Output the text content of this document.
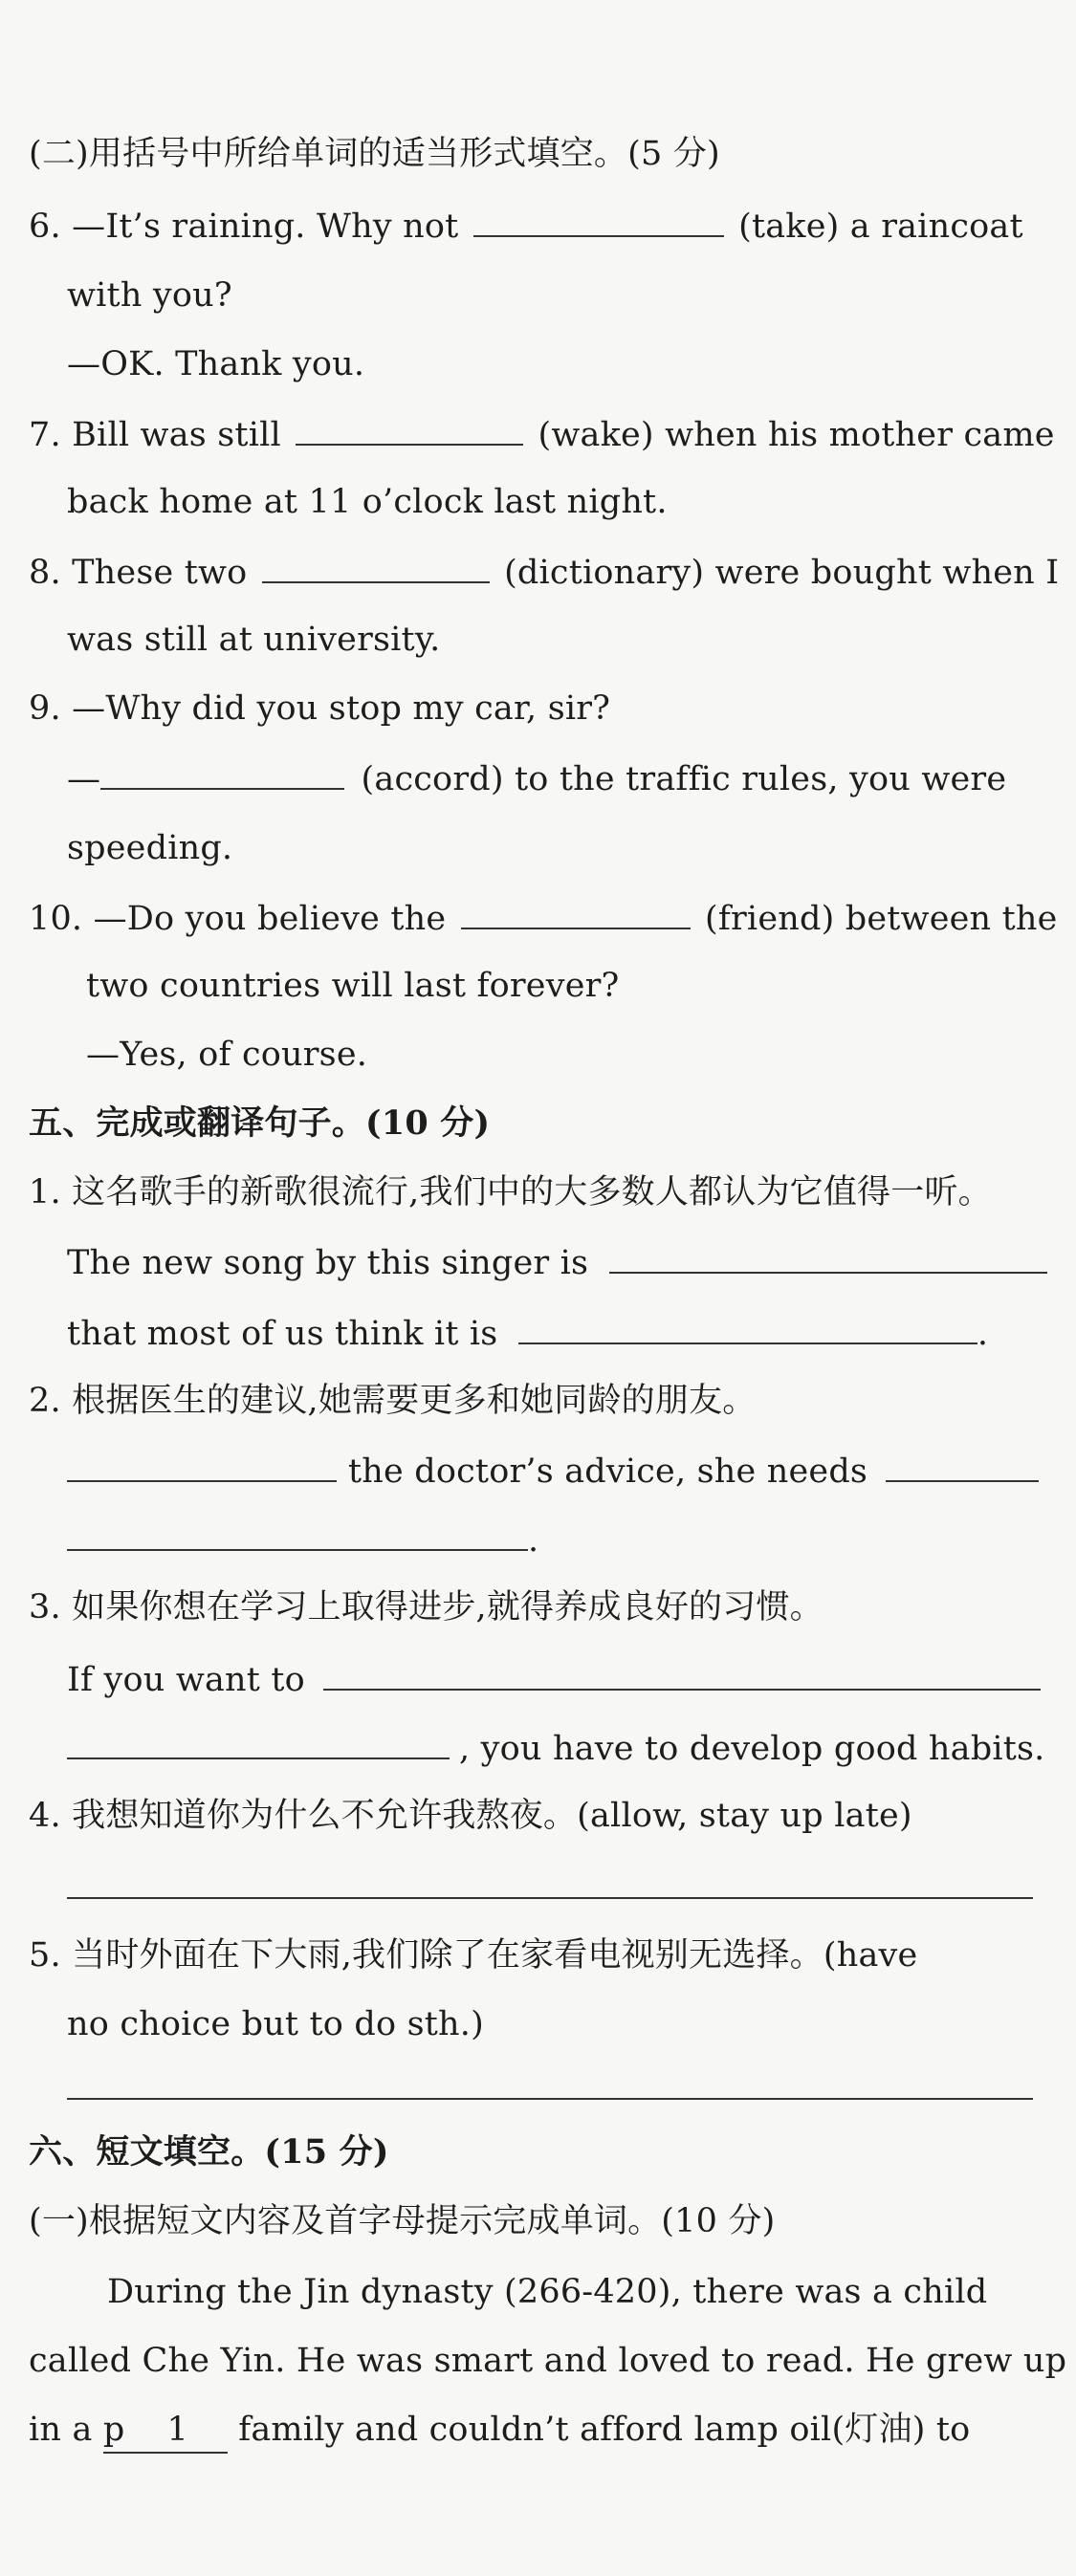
(二)用括号中所给单词的适当形式填空。(5 分)
6. —It’s raining. Why not	(take) a raincoat
with you?
—OK. Thank you.
7. Bill was still	(wake) when his mother came
back home at 11 o’clock last night.
8. These two	(dictionary) were bought when I
was still at university.
9. —Why did you stop my car, sir?
—	(accord) to the traffic rules, you were
speeding.
10. —Do you believe the	(friend) between the
two countries will last forever?
—Yes, of course.
五、完成或翻译句子。(10 分)
1. 这名歌手的新歌很流行,我们中的大多数人都认为它值得一听。
The new song by this singer is
that most of us think it is	.
2. 根据医生的建议,她需要更多和她同龄的朋友。
the doctor’s advice, she needs
.
3. 如果你想在学习上取得进步,就得养成良好的习惯。
If you want to
, you have to develop good habits.
4. 我想知道你为什么不允许我熬夜。(allow, stay up late)
5. 当时外面在下大雨,我们除了在家看电视别无选择。(have
no choice but to do sth.)
六、短文填空。(15 分)
(一)根据短文内容及首字母提示完成单词。(10 分)
During the Jin dynasty (266-420), there was a child
called Che Yin. He was smart and loved to read. He grew up
in a p 1 family and couldn’t afford lamp oil(灯油) to
